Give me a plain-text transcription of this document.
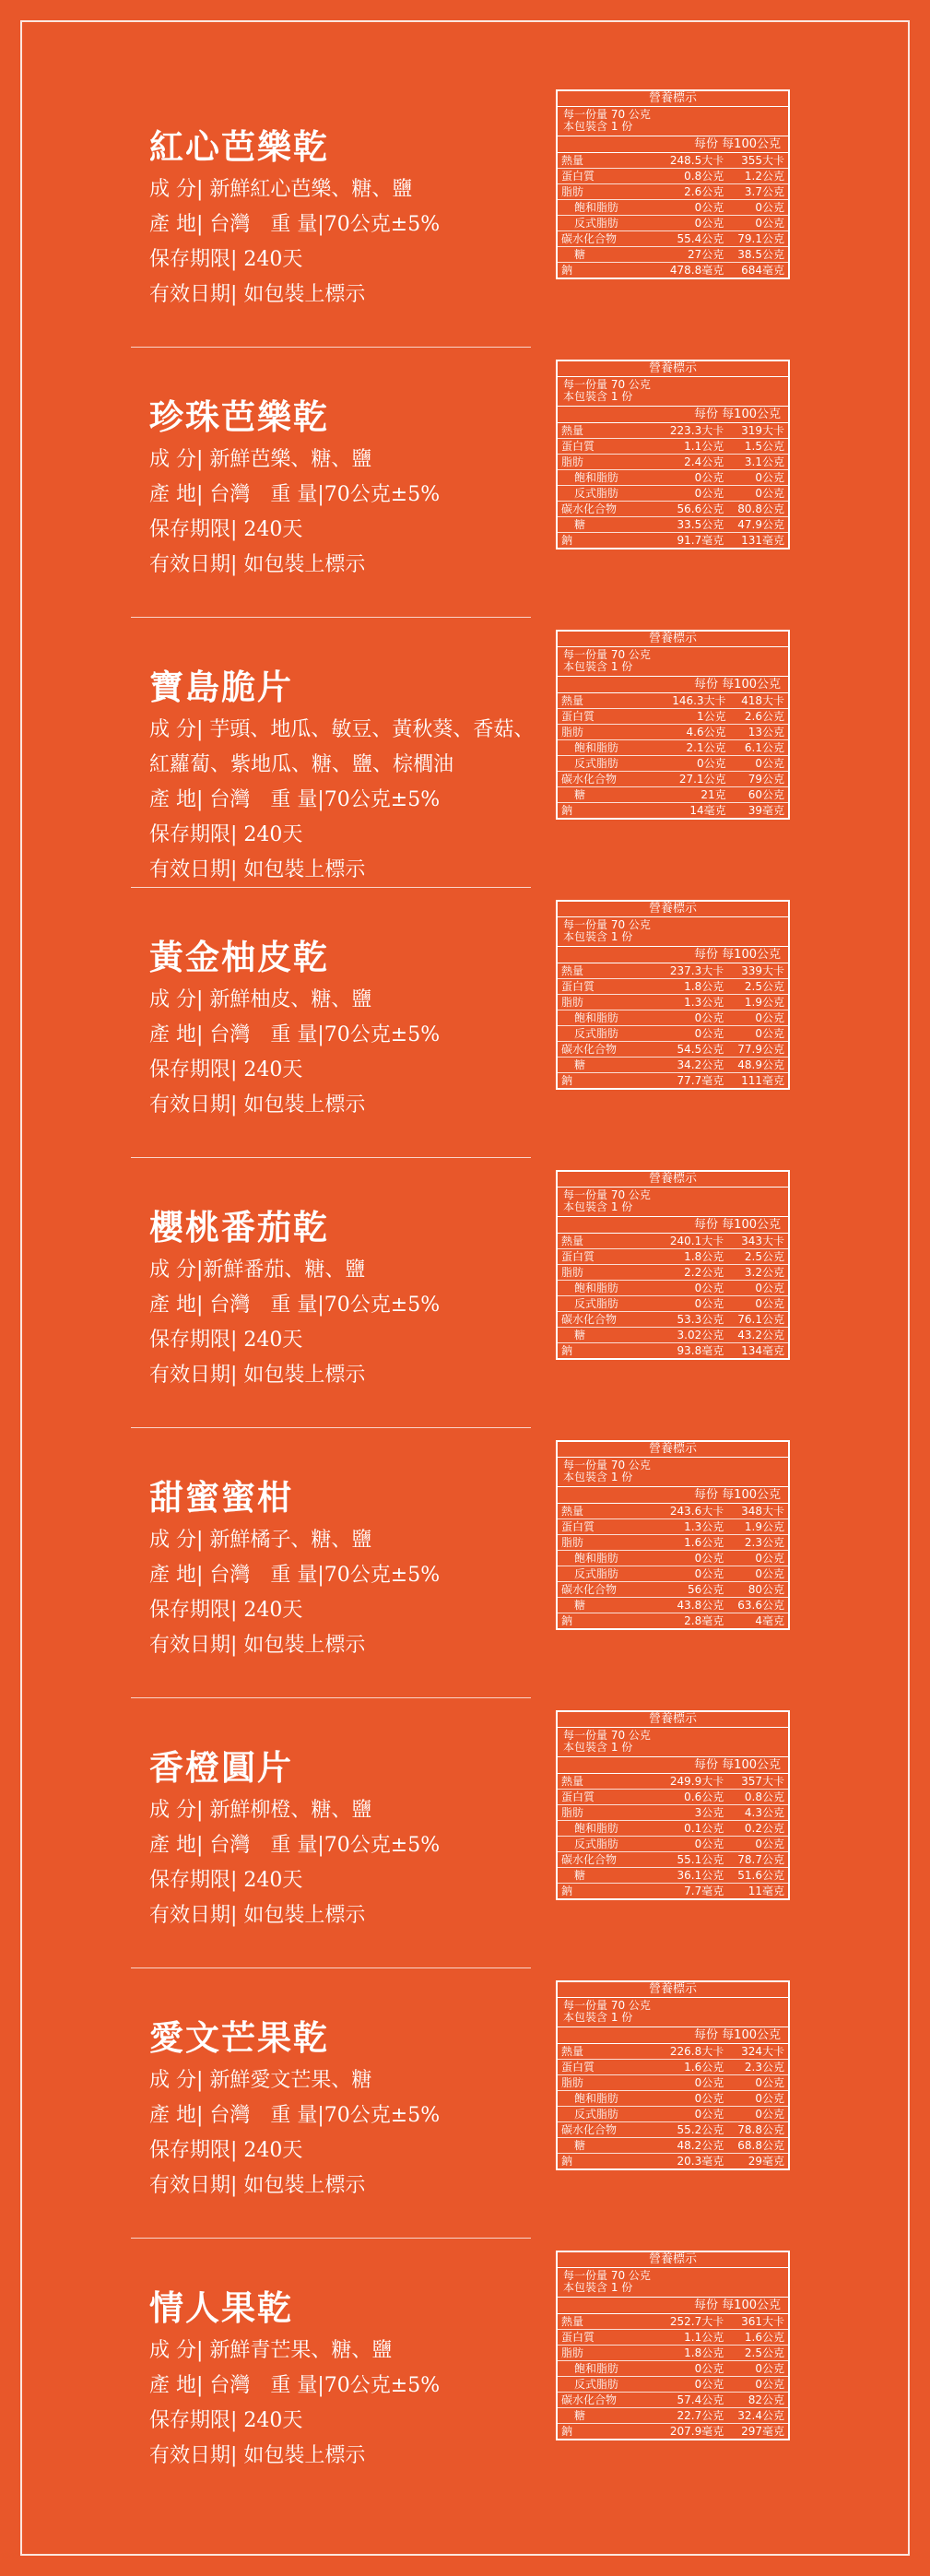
紅心芭樂乾
成 分| 新鮮紅心芭樂、糖、鹽
產 地| 台灣　重 量|70公克±5%
保存期限| 240天
有效日期| 如包裝上標示
營養標示
每一份量 70 公克
本包裝含 1 份
每份 每100公克
熱量	248.5大卡	355大卡
蛋白質	0.8公克	1.2公克
脂肪	2.6公克	3.7公克
飽和脂肪	0公克	0公克
反式脂肪	0公克	0公克
碳水化合物	55.4公克	79.1公克
糖	27公克	38.5公克
鈉	478.8毫克	684毫克
珍珠芭樂乾
成 分| 新鮮芭樂、糖、鹽
產 地| 台灣　重 量|70公克±5%
保存期限| 240天
有效日期| 如包裝上標示
營養標示
每一份量 70 公克
本包裝含 1 份
每份 每100公克
熱量	223.3大卡	319大卡
蛋白質	1.1公克	1.5公克
脂肪	2.4公克	3.1公克
飽和脂肪	0公克	0公克
反式脂肪	0公克	0公克
碳水化合物	56.6公克	80.8公克
糖	33.5公克	47.9公克
鈉	91.7毫克	131毫克
寶島脆片
成 分| 芋頭、地瓜、敏豆、黃秋葵、香菇、紅蘿蔔、紫地瓜、糖、鹽、棕櫚油
產 地| 台灣　重 量|70公克±5%
保存期限| 240天
有效日期| 如包裝上標示
營養標示
每一份量 70 公克
本包裝含 1 份
每份 每100公克
熱量	146.3大卡	418大卡
蛋白質	1公克	2.6公克
脂肪	4.6公克	13公克
飽和脂肪	2.1公克	6.1公克
反式脂肪	0公克	0公克
碳水化合物	27.1公克	79公克
糖	21克	60公克
鈉	14毫克	39毫克
黃金柚皮乾
成 分| 新鮮柚皮、糖、鹽
產 地| 台灣　重 量|70公克±5%
保存期限| 240天
有效日期| 如包裝上標示
營養標示
每一份量 70 公克
本包裝含 1 份
每份 每100公克
熱量	237.3大卡	339大卡
蛋白質	1.8公克	2.5公克
脂肪	1.3公克	1.9公克
飽和脂肪	0公克	0公克
反式脂肪	0公克	0公克
碳水化合物	54.5公克	77.9公克
糖	34.2公克	48.9公克
鈉	77.7毫克	111毫克
櫻桃番茄乾
成 分|新鮮番茄、糖、鹽
產 地| 台灣　重 量|70公克±5%
保存期限| 240天
有效日期| 如包裝上標示
營養標示
每一份量 70 公克
本包裝含 1 份
每份 每100公克
熱量	240.1大卡	343大卡
蛋白質	1.8公克	2.5公克
脂肪	2.2公克	3.2公克
飽和脂肪	0公克	0公克
反式脂肪	0公克	0公克
碳水化合物	53.3公克	76.1公克
糖	3.02公克	43.2公克
鈉	93.8毫克	134毫克
甜蜜蜜柑
成 分| 新鮮橘子、糖、鹽
產 地| 台灣　重 量|70公克±5%
保存期限| 240天
有效日期| 如包裝上標示
營養標示
每一份量 70 公克
本包裝含 1 份
每份 每100公克
熱量	243.6大卡	348大卡
蛋白質	1.3公克	1.9公克
脂肪	1.6公克	2.3公克
飽和脂肪	0公克	0公克
反式脂肪	0公克	0公克
碳水化合物	56公克	80公克
糖	43.8公克	63.6公克
鈉	2.8毫克	4毫克
香橙圓片
成 分| 新鮮柳橙、糖、鹽
產 地| 台灣　重 量|70公克±5%
保存期限| 240天
有效日期| 如包裝上標示
營養標示
每一份量 70 公克
本包裝含 1 份
每份 每100公克
熱量	249.9大卡	357大卡
蛋白質	0.6公克	0.8公克
脂肪	3公克	4.3公克
飽和脂肪	0.1公克	0.2公克
反式脂肪	0公克	0公克
碳水化合物	55.1公克	78.7公克
糖	36.1公克	51.6公克
鈉	7.7毫克	11毫克
愛文芒果乾
成 分| 新鮮愛文芒果、糖
產 地| 台灣　重 量|70公克±5%
保存期限| 240天
有效日期| 如包裝上標示
營養標示
每一份量 70 公克
本包裝含 1 份
每份 每100公克
熱量	226.8大卡	324大卡
蛋白質	1.6公克	2.3公克
脂肪	0公克	0公克
飽和脂肪	0公克	0公克
反式脂肪	0公克	0公克
碳水化合物	55.2公克	78.8公克
糖	48.2公克	68.8公克
鈉	20.3毫克	29毫克
情人果乾
成 分| 新鮮青芒果、糖、鹽
產 地| 台灣　重 量|70公克±5%
保存期限| 240天
有效日期| 如包裝上標示
營養標示
每一份量 70 公克
本包裝含 1 份
每份 每100公克
熱量	252.7大卡	361大卡
蛋白質	1.1公克	1.6公克
脂肪	1.8公克	2.5公克
飽和脂肪	0公克	0公克
反式脂肪	0公克	0公克
碳水化合物	57.4公克	82公克
糖	22.7公克	32.4公克
鈉	207.9毫克	297毫克
